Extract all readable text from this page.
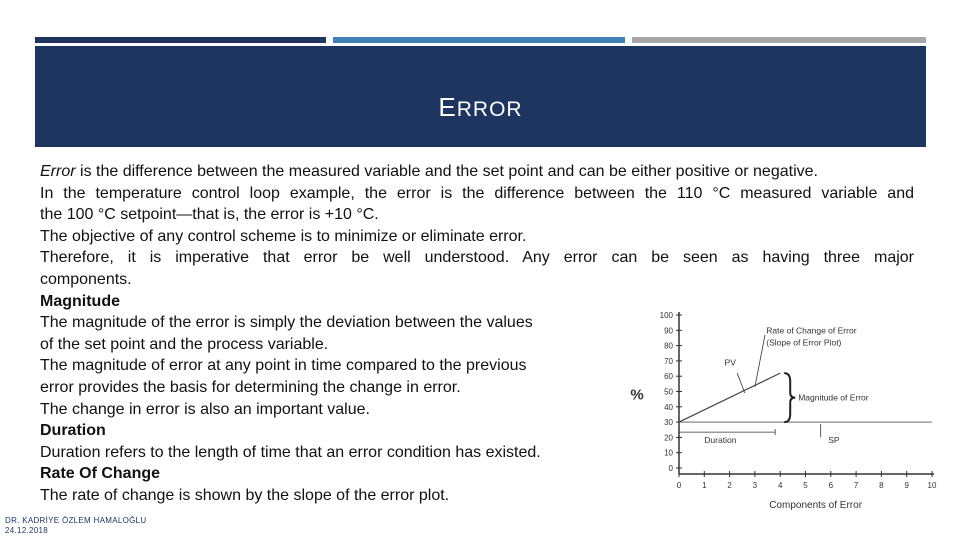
ERROR

Error is the difference between the measured variable and the set point and can be either positive or negative.

In the temperature control loop example, the error is the difference between the 110 °C measured variable and

the 100 °C setpoint—that is, the error is +10 °C.

The objective of any control scheme is to minimize or eliminate error.

Therefore, it is imperative that error be well understood. Any error can be seen as having three major

components.

Magnitude

The magnitude of the error is simply the deviation between the values

of the set point and the process variable.

The magnitude of error at any point in time compared to the previous

error provides the basis for determining the change in error.

The change in error is also an important value.

Duration

Duration refers to the length of time that an error condition has existed.

Rate Of Change

The rate of change is shown by the slope of the error plot.

0
10
20
30
40
50
60
70
80
90
100
0	1	2	3	4	5	6	7	8	9 10
%	Magnitude of Error
PV
Rate of Change of Error
(Slope of Error Plot)
Duration	SP
Components of Error
DR. KADRİYE ÖZLEM HAMALOĞLU
24.12.2018
